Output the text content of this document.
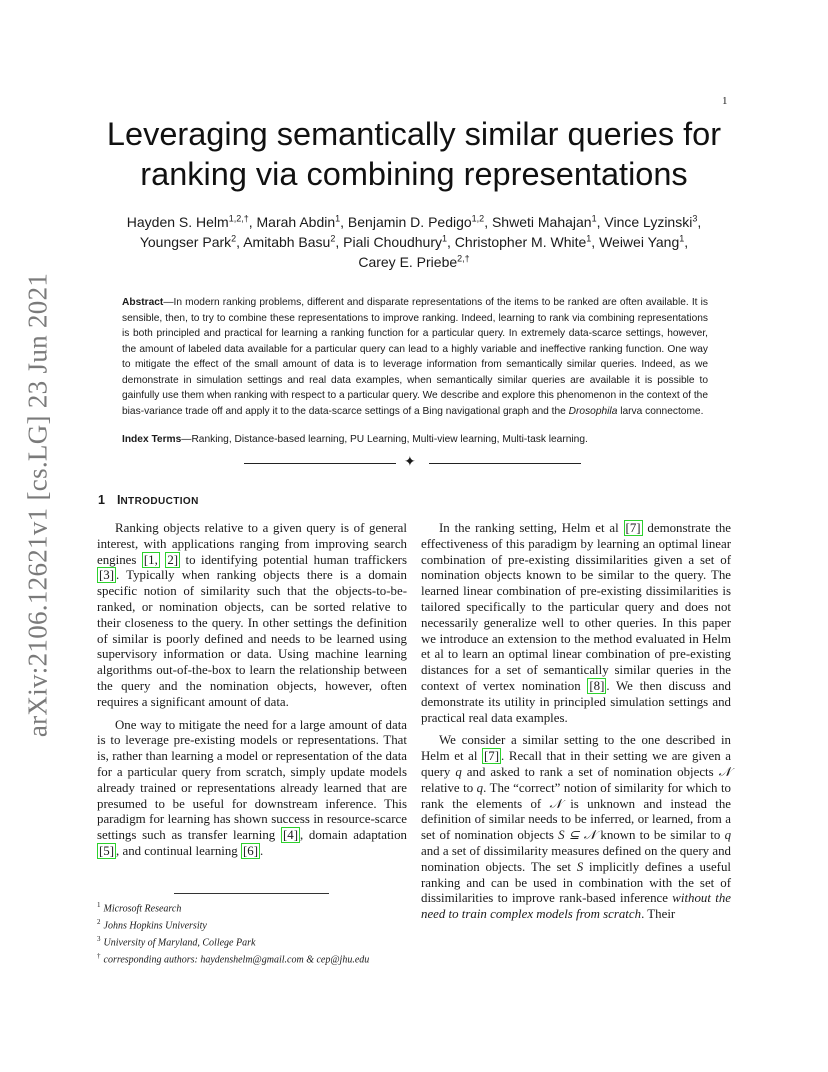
1
arXiv:2106.12621v1 [cs.LG] 23 Jun 2021
Leveraging semantically similar queries for
ranking via combining representations
Hayden S. Helm$^{1,2,\dagger}$, Marah Abdin$^1$, Benjamin D. Pedigo$^{1,2}$, Shweti Mahajan$^1$, Vince Lyzinski$^3$,
Youngser Park$^2$, Amitabh Basu$^2$, Piali Choudhury$^1$, Christopher M. White$^1$, Weiwei Yang$^1$,
Carey E. Priebe$^{2,\dagger}$
Abstract—In modern ranking problems, different and disparate representations of the items to be ranked are often available. It is sensible, then, to try to combine these representations to improve ranking. Indeed, learning to rank via combining representations is both principled and practical for learning a ranking function for a particular query. In extremely data-scarce settings, however, the amount of labeled data available for a particular query can lead to a highly variable and ineffective ranking function. One way to mitigate the effect of the small amount of data is to leverage information from semantically similar queries. Indeed, as we demonstrate in simulation settings and real data examples, when semantically similar queries are available it is possible to gainfully use them when ranking with respect to a particular query. We describe and explore this phenomenon in the context of the bias-variance trade off and apply it to the data-scarce settings of a Bing navigational graph and the Drosophila larva connectome.
Index Terms—Ranking, Distance-based learning, PU Learning, Multi-view learning, Multi-task learning.
✦
1 INTRODUCTION

Ranking objects relative to a given query is of general interest, with applications ranging from improving search engines [1, 2] to identifying potential human traffickers [3] . Typically when ranking objects there is a domain specific notion of similarity such that the objects-to-be-ranked, or nomination objects, can be sorted relative to their closeness to the query. In other settings the definition of similar is poorly defined and needs to be learned using supervisory information or data. Using machine learning algorithms out-of-the-box to learn the relationship between the query and the nomination objects, however, often requires a significant amount of data.

One way to mitigate the need for a large amount of data is to leverage pre-existing models or representations. That is, rather than learning a model or representation of the data for a particular query from scratch, simply update models already trained or representations already learned that are presumed to be useful for downstream inference. This paradigm for learning has shown success in resource-scarce settings such as transfer learning [4] , domain adaptation [5] , and continual learning [6] .

In the ranking setting, Helm et al [7] demonstrate the effectiveness of this paradigm by learning an optimal linear combination of pre-existing dissimilarities given a set of nomination objects known to be similar to the query. The learned linear combination of pre-existing dissimilarities is tailored specifically to the particular query and does not necessarily generalize well to other queries. In this paper we introduce an extension to the method evaluated in Helm et al to learn an optimal linear combination of pre-existing distances for a set of semantically similar queries in the context of vertex nomination [8] . We then discuss and demonstrate its utility in principled simulation settings and practical real data examples.

We consider a similar setting to the one described in Helm et al [7] . Recall that in their setting we are given a query q and asked to rank a set of nomination objects 𝒩 relative to q. The “correct” notion of similarity for which to rank the elements of 𝒩 is unknown and instead the definition of similar needs to be inferred, or learned, from a set of nomination objects S ⊆ 𝒩 known to be similar to q and a set of dissimilarity measures defined on the query and nomination objects. The set S implicitly defines a useful ranking and can be used in combination with the set of dissimilarities to improve rank-based inference without the need to train complex models from scratch. Their

$^1$ Microsoft Research
$^2$ Johns Hopkins University
$^3$ University of Maryland, College Park
† corresponding authors: haydenshelm@gmail.com & cep@jhu.edu
